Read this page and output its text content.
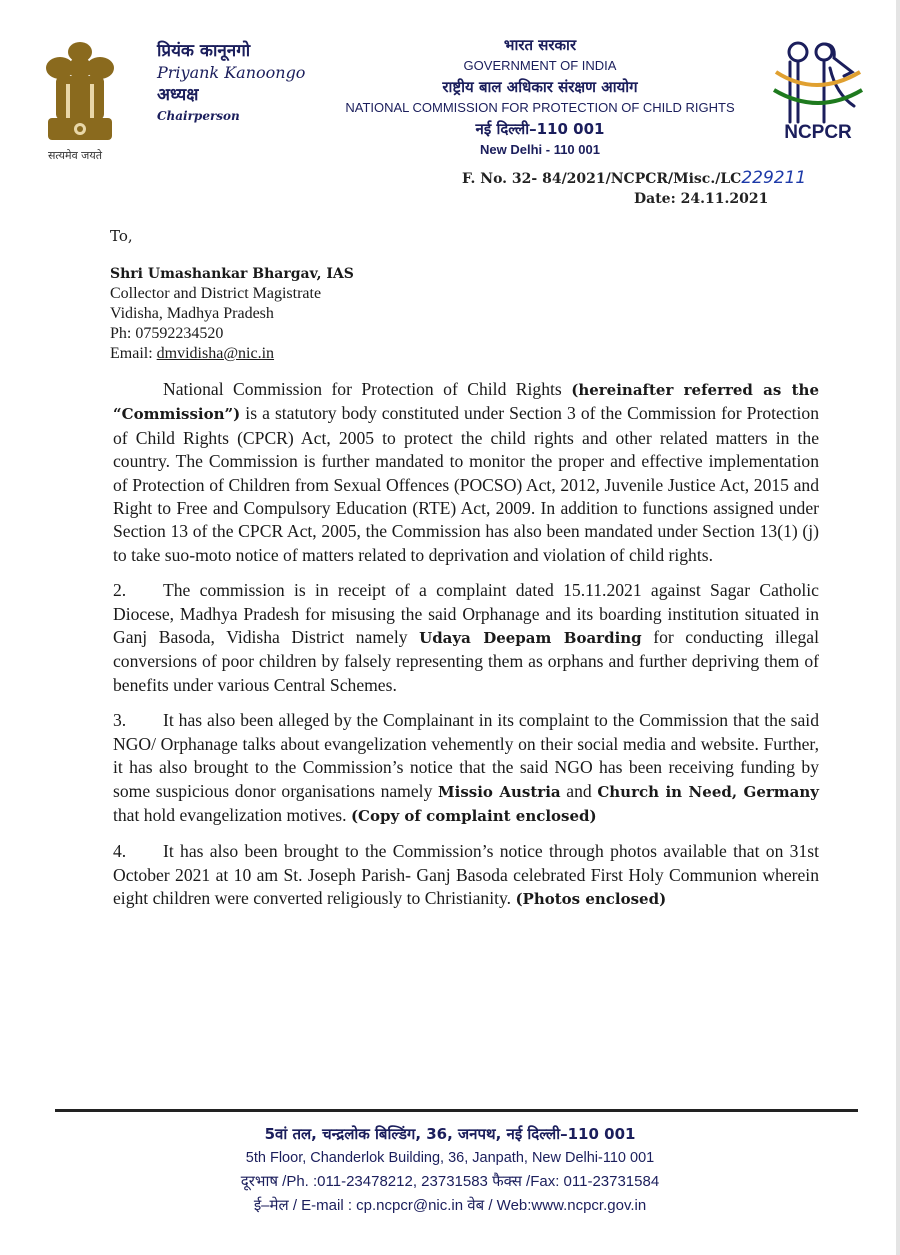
सत्यमेव जयते
प्रियंक कानूनगो
Priyank Kanoongo
अध्यक्ष
Chairperson
भारत सरकार
GOVERNMENT OF INDIA
राष्ट्रीय बाल अधिकार संरक्षण आयोग
NATIONAL COMMISSION FOR PROTECTION OF CHILD RIGHTS
नई दिल्ली–110 001
New Delhi - 110 001
NCPCR
F. No. 32- 84/2021/NCPCR/Misc./LC229211
Date: 24.11.2021
To,
Shri Umashankar Bhargav, IAS
Collector and District Magistrate
Vidisha, Madhya Pradesh
Ph: 07592234520
Email: dmvidisha@nic.in

National Commission for Protection of Child Rights (hereinafter referred as the “Commission”) is a statutory body constituted under Section 3 of the Commission for Protection of Child Rights (CPCR) Act, 2005 to protect the child rights and other related matters in the country. The Commission is further mandated to monitor the proper and effective implementation of Protection of Children from Sexual Offences (POCSO) Act, 2012, Juvenile Justice Act, 2015 and Right to Free and Compulsory Education (RTE) Act, 2009. In addition to functions assigned under Section 13 of the CPCR Act, 2005, the Commission has also been mandated under Section 13(1) (j) to take suo-moto notice of matters related to deprivation and violation of child rights.

2. The commission is in receipt of a complaint dated 15.11.2021 against Sagar Catholic Diocese, Madhya Pradesh for misusing the said Orphanage and its boarding institution situated in Ganj Basoda, Vidisha District namely Udaya Deepam Boarding for conducting illegal conversions of poor children by falsely representing them as orphans and further depriving them of benefits under various Central Schemes.

3. It has also been alleged by the Complainant in its complaint to the Commission that the said NGO/ Orphanage talks about evangelization vehemently on their social media and website. Further, it has also brought to the Commission’s notice that the said NGO has been receiving funding by some suspicious donor organisations namely Missio Austria and Church in Need, Germany that hold evangelization motives. (Copy of complaint enclosed)

4. It has also been brought to the Commission’s notice through photos available that on 31st October 2021 at 10 am St. Joseph Parish- Ganj Basoda celebrated First Holy Communion wherein eight children were converted religiously to Christianity. (Photos enclosed)

5वां तल, चन्द्रलोक बिल्डिंग, 36, जनपथ, नई दिल्ली–110 001
5th Floor, Chanderlok Building, 36, Janpath, New Delhi-110 001
दूरभाष /Ph. :011-23478212, 23731583 फैक्स /Fax: 011-23731584
ई–मेल / E-mail : cp.ncpcr@nic.in वेब / Web:www.ncpcr.gov.in
